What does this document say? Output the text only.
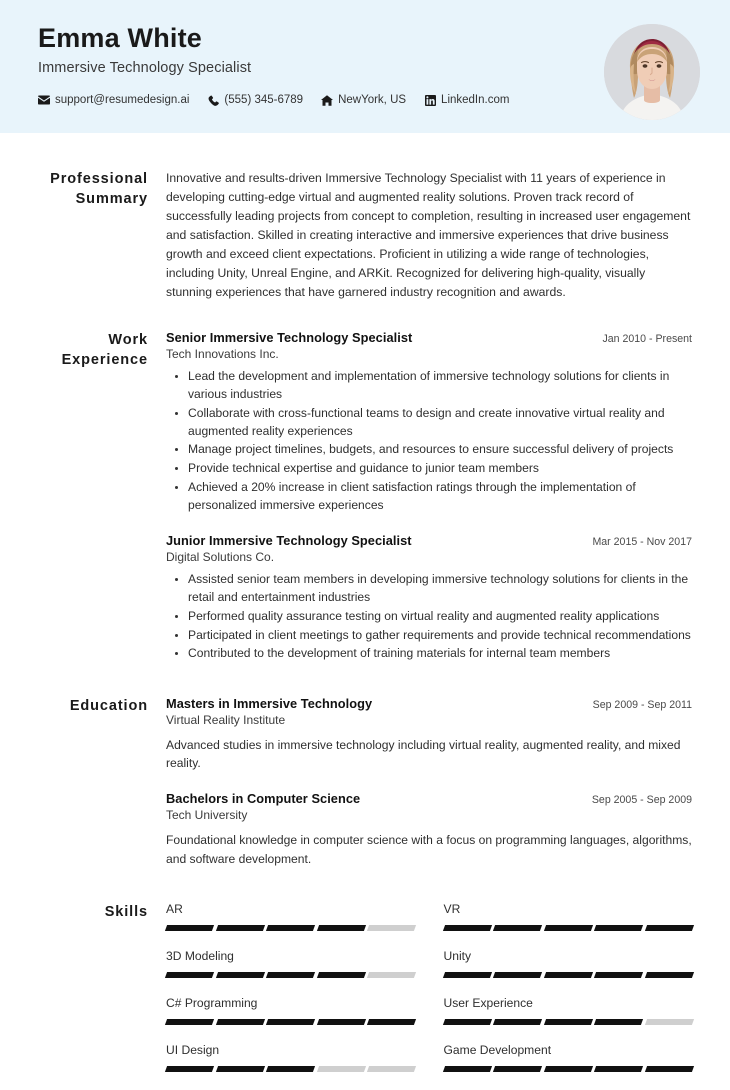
Emma White
Immersive Technology Specialist
support@resumedesign.ai	(555) 345-6789	NewYork, US	LinkedIn.com
Professional Summary
Innovative and results-driven Immersive Technology Specialist with 11 years of experience in developing cutting-edge virtual and augmented reality solutions. Proven track record of successfully leading projects from concept to completion, resulting in increased user engagement and satisfaction. Skilled in creating interactive and immersive experiences that drive business growth and exceed client expectations. Proficient in utilizing a wide range of technologies, including Unity, Unreal Engine, and ARKit. Recognized for delivering high-quality, visually stunning experiences that have garnered industry recognition and awards.
Work Experience
Senior Immersive Technology Specialist	Jan 2010 - Present
Tech Innovations Inc.
Lead the development and implementation of immersive technology solutions for clients in various industries
Collaborate with cross-functional teams to design and create innovative virtual reality and augmented reality experiences
Manage project timelines, budgets, and resources to ensure successful delivery of projects
Provide technical expertise and guidance to junior team members
Achieved a 20% increase in client satisfaction ratings through the implementation of personalized immersive experiences
Junior Immersive Technology Specialist	Mar 2015 - Nov 2017
Digital Solutions Co.
Assisted senior team members in developing immersive technology solutions for clients in the retail and entertainment industries
Performed quality assurance testing on virtual reality and augmented reality applications
Participated in client meetings to gather requirements and provide technical recommendations
Contributed to the development of training materials for internal team members
Education	Masters in Immersive Technology	Sep 2009 - Sep 2011
Virtual Reality Institute
Advanced studies in immersive technology including virtual reality, augmented reality, and mixed reality.
Bachelors in Computer Science	Sep 2005 - Sep 2009
Tech University
Foundational knowledge in computer science with a focus on programming languages, algorithms, and software development.
Skills	AR	VR
3D Modeling	Unity
C# Programming	User Experience
UI Design	Game Development
